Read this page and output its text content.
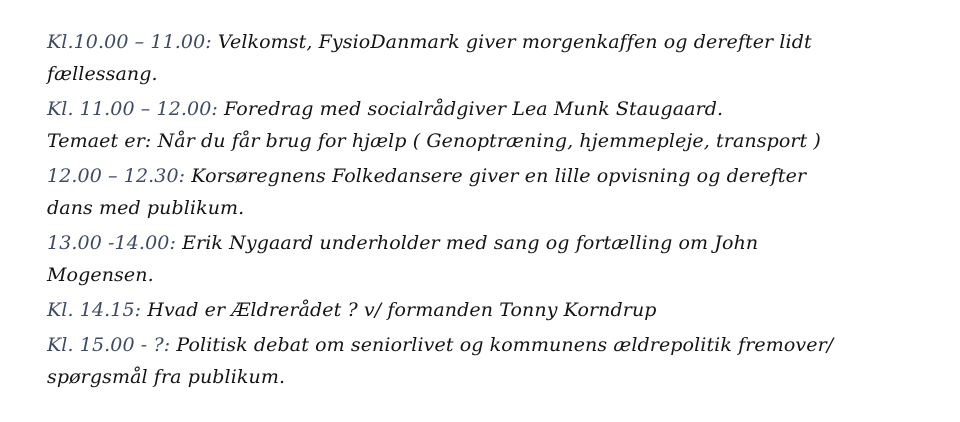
Kl.10.00 – 11.00: Velkomst, FysioDanmark giver morgenkaffen og derefter lidt
fællessang.
Kl. 11.00 – 12.00: Foredrag med socialrådgiver Lea Munk Staugaard.
Temaet er: Når du får brug for hjælp ( Genoptræning, hjemmepleje, transport )
12.00 – 12.30: Korsøregnens Folkedansere giver en lille opvisning og derefter
dans med publikum.
13.00 -14.00: Erik Nygaard underholder med sang og fortælling om John
Mogensen.
Kl. 14.15: Hvad er Ældrerådet ? v/ formanden Tonny Korndrup
Kl. 15.00 - ?: Politisk debat om seniorlivet og kommunens ældrepolitik fremover/
spørgsmål fra publikum.
